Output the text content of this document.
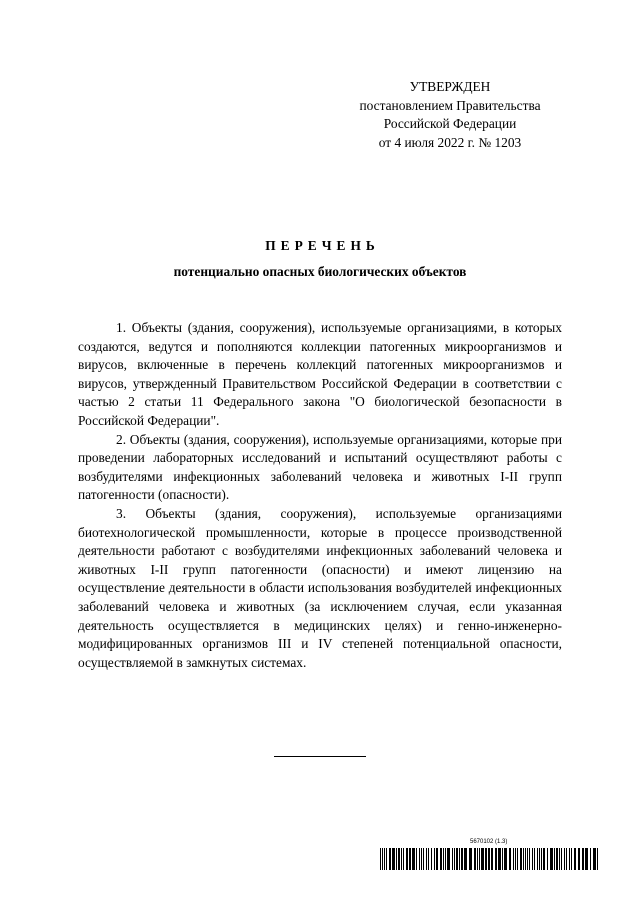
УТВЕРЖДЕН
постановлением Правительства
Российской Федерации
от 4 июля 2022 г. № 1203
ПЕРЕЧЕНЬ
потенциально опасных биологических объектов

1. Объекты (здания, сооружения), используемые организациями, в которых создаются, ведутся и пополняются коллекции патогенных микроорганизмов и вирусов, включенные в перечень коллекций патогенных микроорганизмов и вирусов, утвержденный Правительством Российской Федерации в соответствии с частью 2 статьи 11 Федерального закона "О биологической безопасности в Российской Федерации".

2. Объекты (здания, сооружения), используемые организациями, которые при проведении лабораторных исследований и испытаний осуществляют работы с возбудителями инфекционных заболеваний человека и животных I-II групп патогенности (опасности).

3. Объекты (здания, сооружения), используемые организациями биотехнологической промышленности, которые в процессе производственной деятельности работают с возбудителями инфекционных заболеваний человека и животных I-II групп патогенности (опасности) и имеют лицензию на осуществление деятельности в области использования возбудителей инфекционных заболеваний человека и животных (за исключением случая, если указанная деятельность осуществляется в медицинских целях) и генно-инженерно-модифицированных организмов III и IV степеней потенциальной опасности, осуществляемой в замкнутых системах.

5670102 (1.3)
